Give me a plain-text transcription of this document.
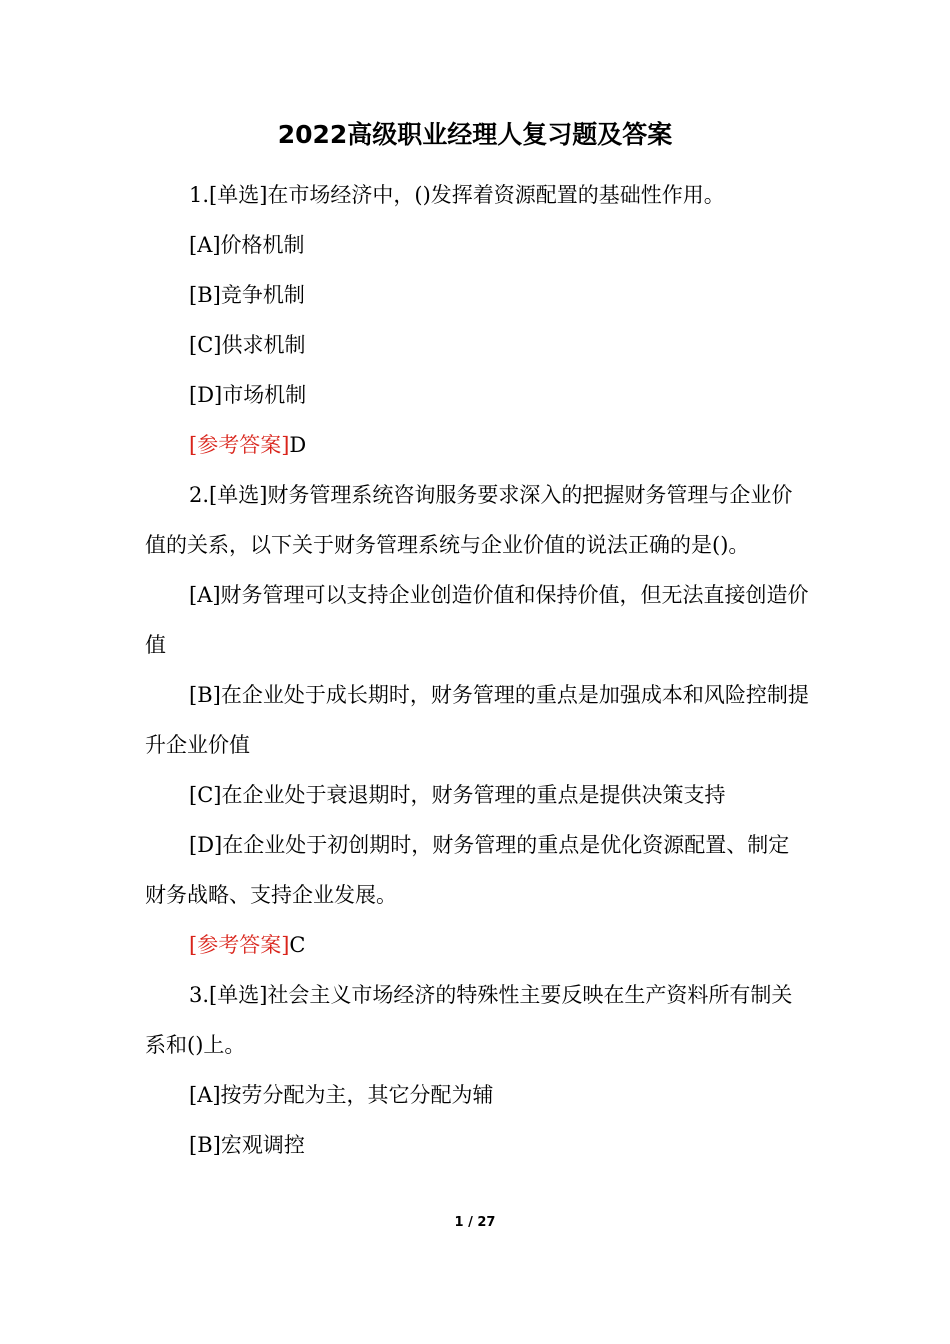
2022高级职业经理人复习题及答案

1.[单选]在市场经济中，()发挥着资源配置的基础性作用。

[A]价格机制

[B]竞争机制

[C]供求机制

[D]市场机制

[参考答案]D

2.[单选]财务管理系统咨询服务要求深入的把握财务管理与企业价值的关系，以下关于财务管理系统与企业价值的说法正确的是()。

[A]财务管理可以支持企业创造价值和保持价值，但无法直接创造价值

[B]在企业处于成长期时，财务管理的重点是加强成本和风险控制提升企业价值

[C]在企业处于衰退期时，财务管理的重点是提供决策支持

[D]在企业处于初创期时，财务管理的重点是优化资源配置、制定财务战略、支持企业发展。

[参考答案]C

3.[单选]社会主义市场经济的特殊性主要反映在生产资料所有制关系和()上。

[A]按劳分配为主，其它分配为辅

[B]宏观调控

1 / 27
